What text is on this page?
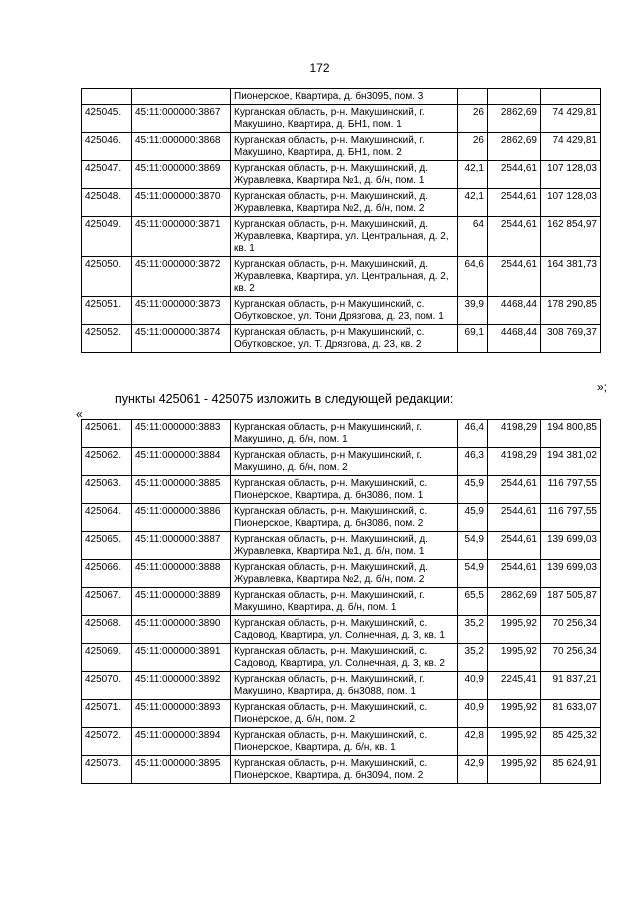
172
		Пионерское, Квартира, д. бн3095, пом. 3			
425045.	45:11:000000:3867	Курганская область, р-н. Макушинский, г. Макушино, Квартира, д. БН1, пом. 1	26	2862,69	74 429,81
425046.	45:11:000000:3868	Курганская область, р-н. Макушинский, г. Макушино, Квартира, д. БН1, пом. 2	26	2862,69	74 429,81
425047.	45:11:000000:3869	Курганская область, р-н. Макушинский, д. Журавлевка, Квартира №1, д. б/н, пом. 1	42,1	2544,61	107 128,03
425048.	45:11:000000:3870	Курганская область, р-н. Макушинский, д. Журавлевка, Квартира №2, д. б/н, пом. 2	42,1	2544,61	107 128,03
425049.	45:11:000000:3871	Курганская область, р-н. Макушинский, д. Журавлевка, Квартира, ул. Центральная, д. 2, кв. 1	64	2544,61	162 854,97
425050.	45:11:000000:3872	Курганская область, р-н. Макушинский, д. Журавлевка, Квартира, ул. Центральная, д. 2, кв. 2	64,6	2544,61	164 381,73
425051.	45:11:000000:3873	Курганская область, р-н Макушинский, с. Обутковское, ул. Тони Дрязгова, д. 23, пом. 1	39,9	4468,44	178 290,85
425052.	45:11:000000:3874	Курганская область, р-н Макушинский, с. Обутковское, ул. Т. Дрязгова, д. 23, кв. 2	69,1	4468,44	308 769,37
»;
пункты 425061 - 425075 изложить в следующей редакции:
«
425061.	45:11:000000:3883	Курганская область, р-н Макушинский, г. Макушино, д. б/н, пом. 1	46,4	4198,29	194 800,85
425062.	45:11:000000:3884	Курганская область, р-н Макушинский, г. Макушино, д. б/н, пом. 2	46,3	4198,29	194 381,02
425063.	45:11:000000:3885	Курганская область, р-н. Макушинский, с. Пионерское, Квартира, д. бн3086, пом. 1	45,9	2544,61	116 797,55
425064.	45:11:000000:3886	Курганская область, р-н. Макушинский, с. Пионерское, Квартира, д. бн3086, пом. 2	45,9	2544,61	116 797,55
425065.	45:11:000000:3887	Курганская область, р-н. Макушинский, д. Журавлевка, Квартира №1, д. б/н, пом. 1	54,9	2544,61	139 699,03
425066.	45:11:000000:3888	Курганская область, р-н. Макушинский, д. Журавлевка, Квартира №2, д. б/н, пом. 2	54,9	2544,61	139 699,03
425067.	45:11:000000:3889	Курганская область, р-н. Макушинский, г. Макушино, Квартира, д. б/н, пом. 1	65,5	2862,69	187 505,87
425068.	45:11:000000:3890	Курганская область, р-н. Макушинский, с. Садовод, Квартира, ул. Солнечная, д. 3, кв. 1	35,2	1995,92	70 256,34
425069.	45:11:000000:3891	Курганская область, р-н. Макушинский, с. Садовод, Квартира, ул. Солнечная, д. 3, кв. 2	35,2	1995,92	70 256,34
425070.	45:11:000000:3892	Курганская область, р-н. Макушинский, г. Макушино, Квартира, д. бн3088, пом. 1	40,9	2245,41	91 837,21
425071.	45:11:000000:3893	Курганская область, р-н. Макушинский, с. Пионерское, д. б/н, пом. 2	40,9	1995,92	81 633,07
425072.	45:11:000000:3894	Курганская область, р-н. Макушинский, с. Пионерское, Квартира, д. б/н, кв. 1	42,8	1995,92	85 425,32
425073.	45:11:000000:3895	Курганская область, р-н. Макушинский, с. Пионерское, Квартира, д. бн3094, пом. 2	42,9	1995,92	85 624,91
